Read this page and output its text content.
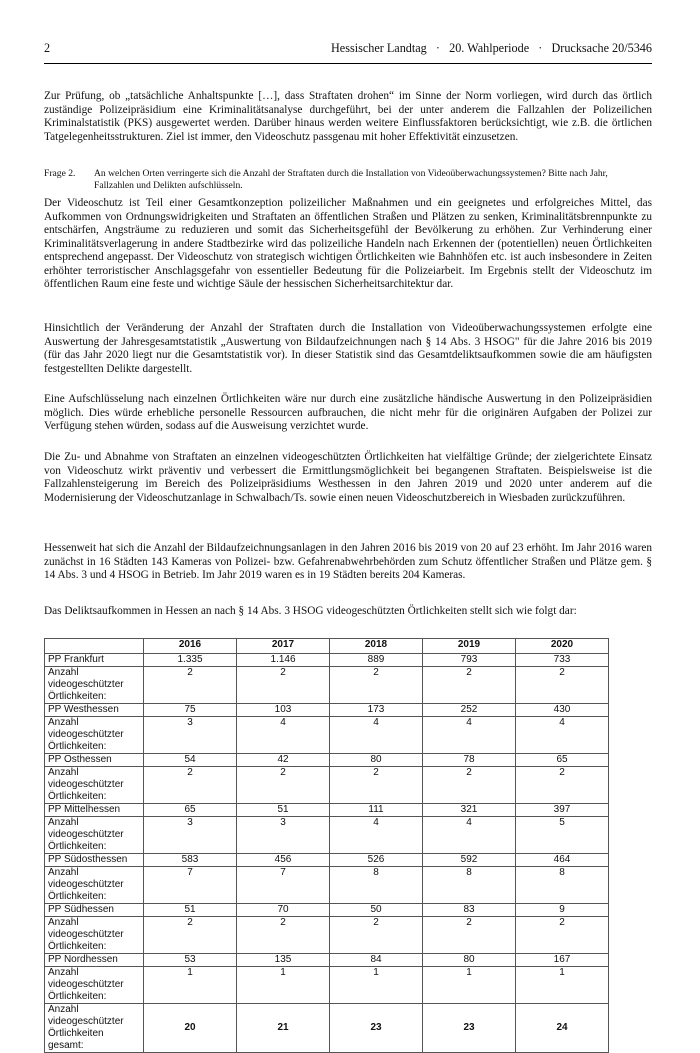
2	Hessischer Landtag   ·   20. Wahlperiode   ·   Drucksache 20/5346

Zur Prüfung, ob „tatsächliche Anhaltspunkte […], dass Straftaten drohen“ im Sinne der Norm vorliegen, wird durch das örtlich zuständige Polizeipräsidium eine Kriminalitätsanalyse durchgeführt, bei der unter anderem die Fallzahlen der Polizeilichen Kriminalstatistik (PKS) ausgewertet werden. Darüber hinaus werden weitere Einflussfaktoren berücksichtigt, wie z.B. die örtlichen Tatgelegenheitsstrukturen. Ziel ist immer, den Videoschutz passgenau mit hoher Effektivität einzusetzen.

Frage 2. An welchen Orten verringerte sich die Anzahl der Straftaten durch die Installation von Videoüberwachungssystemen? Bitte nach Jahr, Fallzahlen und Delikten aufschlüsseln.

Der Videoschutz ist Teil einer Gesamtkonzeption polizeilicher Maßnahmen und ein geeignetes und erfolgreiches Mittel, das Aufkommen von Ordnungswidrigkeiten und Straftaten an öffentlichen Straßen und Plätzen zu senken, Kriminalitätsbrennpunkte zu entschärfen, Angsträume zu reduzieren und somit das Sicherheitsgefühl der Bevölkerung zu erhöhen. Zur Verhinderung einer Kriminalitätsverlagerung in andere Stadtbezirke wird das polizeiliche Handeln nach Erkennen der (potentiellen) neuen Örtlichkeiten entsprechend angepasst. Der Videoschutz von strategisch wichtigen Örtlichkeiten wie Bahnhöfen etc. ist auch insbesondere in Zeiten erhöhter terroristischer Anschlagsgefahr von essentieller Bedeutung für die Polizeiarbeit. Im Ergebnis stellt der Videoschutz im öffentlichen Raum eine feste und wichtige Säule der hessischen Sicherheitsarchitektur dar.

Hinsichtlich der Veränderung der Anzahl der Straftaten durch die Installation von Videoüberwachungssystemen erfolgte eine Auswertung der Jahresgesamtstatistik „Auswertung von Bildaufzeichnungen nach § 14 Abs. 3 HSOG" für die Jahre 2016 bis 2019 (für das Jahr 2020 liegt nur die Gesamtstatistik vor). In dieser Statistik sind das Gesamtdeliktsaufkommen sowie die am häufigsten festgestellten Delikte dargestellt.

Eine Aufschlüsselung nach einzelnen Örtlichkeiten wäre nur durch eine zusätzliche händische Auswertung in den Polizeipräsidien möglich. Dies würde erhebliche personelle Ressourcen aufbrauchen, die nicht mehr für die originären Aufgaben der Polizei zur Verfügung stehen würden, sodass auf die Ausweisung verzichtet wurde.

Die Zu- und Abnahme von Straftaten an einzelnen videogeschützten Örtlichkeiten hat vielfältige Gründe; der zielgerichtete Einsatz von Videoschutz wirkt präventiv und verbessert die Ermittlungsmöglichkeit bei begangenen Straftaten. Beispielsweise ist die Fallzahlensteigerung im Bereich des Polizeipräsidiums Westhessen in den Jahren 2019 und 2020 unter anderem auf die Modernisierung der Videoschutzanlage in Schwalbach/Ts. sowie einen neuen Videoschutzbereich in Wiesbaden zurückzuführen.

Hessenweit hat sich die Anzahl der Bildaufzeichnungsanlagen in den Jahren 2016 bis 2019 von 20 auf 23 erhöht. Im Jahr 2016 waren zunächst in 16 Städten 143 Kameras von Polizei- bzw. Gefahrenabwehrbehörden zum Schutz öffentlicher Straßen und Plätze gem. § 14 Abs. 3 und 4 HSOG in Betrieb. Im Jahr 2019 waren es in 19 Städten bereits 204 Kameras.

Das Deliktsaufkommen in Hessen an nach § 14 Abs. 3 HSOG videogeschützten Örtlichkeiten stellt sich wie folgt dar:

	2016	2017	2018	2019	2020
PP Frankfurt	1.335	1.146	889	793	733
Anzahl videogeschützter Örtlichkeiten:	2	2	2	2	2
PP Westhessen	75	103	173	252	430
Anzahl videogeschützter Örtlichkeiten:	3	4	4	4	4
PP Osthessen	54	42	80	78	65
Anzahl videogeschützter Örtlichkeiten:	2	2	2	2	2
PP Mittelhessen	65	51	111	321	397
Anzahl videogeschützter Örtlichkeiten:	3	3	4	4	5
PP Südosthessen	583	456	526	592	464
Anzahl videogeschützter Örtlichkeiten:	7	7	8	8	8
PP Südhessen	51	70	50	83	9
Anzahl videogeschützter Örtlichkeiten:	2	2	2	2	2
PP Nordhessen	53	135	84	80	167
Anzahl videogeschützter Örtlichkeiten:	1	1	1	1	1
Anzahl videogeschützter Örtlichkeiten gesamt:	20	21	23	23	24
